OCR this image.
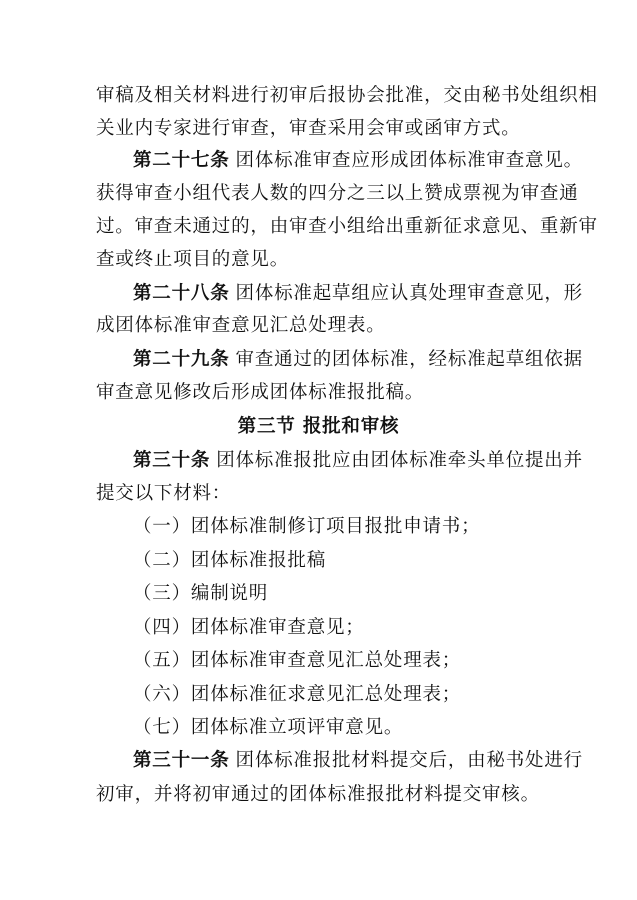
审稿及相关材料进行初审后报协会批准，交由秘书处组织相
关业内专家进行审查，审查采用会审或函审方式。
第二十七条 团体标准审查应形成团体标准审查意见。
获得审查小组代表人数的四分之三以上赞成票视为审查通
过。审查未通过的，由审查小组给出重新征求意见、重新审
查或终止项目的意见。
第二十八条 团体标准起草组应认真处理审查意见，形
成团体标准审查意见汇总处理表。
第二十九条 审查通过的团体标准，经标准起草组依据
审查意见修改后形成团体标准报批稿。
第三节 报批和审核
第三十条 团体标准报批应由团体标准牵头单位提出并
提交以下材料：
（一）团体标准制修订项目报批申请书；
（二）团体标准报批稿
（三）编制说明
（四）团体标准审查意见；
（五）团体标准审查意见汇总处理表；
（六）团体标准征求意见汇总处理表；
（七）团体标准立项评审意见。
第三十一条 团体标准报批材料提交后，由秘书处进行
初审，并将初审通过的团体标准报批材料提交审核。
